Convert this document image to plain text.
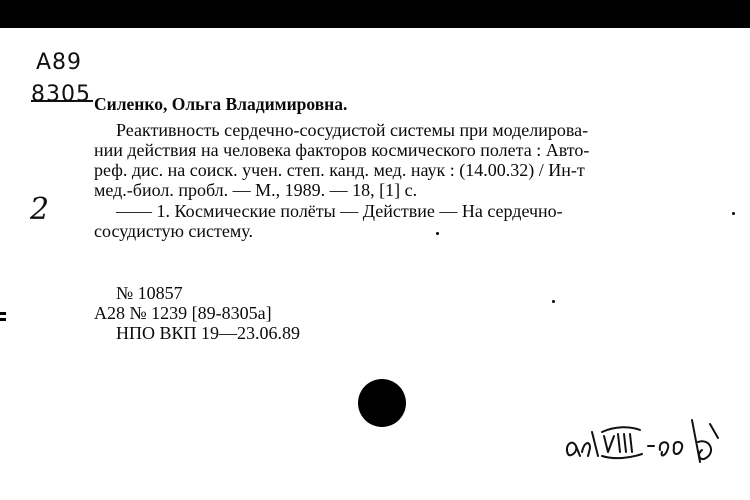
A89
8305
2
Силенко, Ольга Владимировна.
Реактивность сердечно-сосудистой системы при моделирова-
нии действия на человека факторов космического полета : Авто-
реф. дис. на соиск. учен. степ. канд. мед. наук : (14.00.32) / Ин-т
мед.-биол. пробл. — М., 1989. — 18, [1] с.
—— 1. Космические полёты — Действие — На сердечно-
сосудистую систему.
№ 10857
А28 № 1239 [89-8305а]
НПО ВКП 19—23.06.89
